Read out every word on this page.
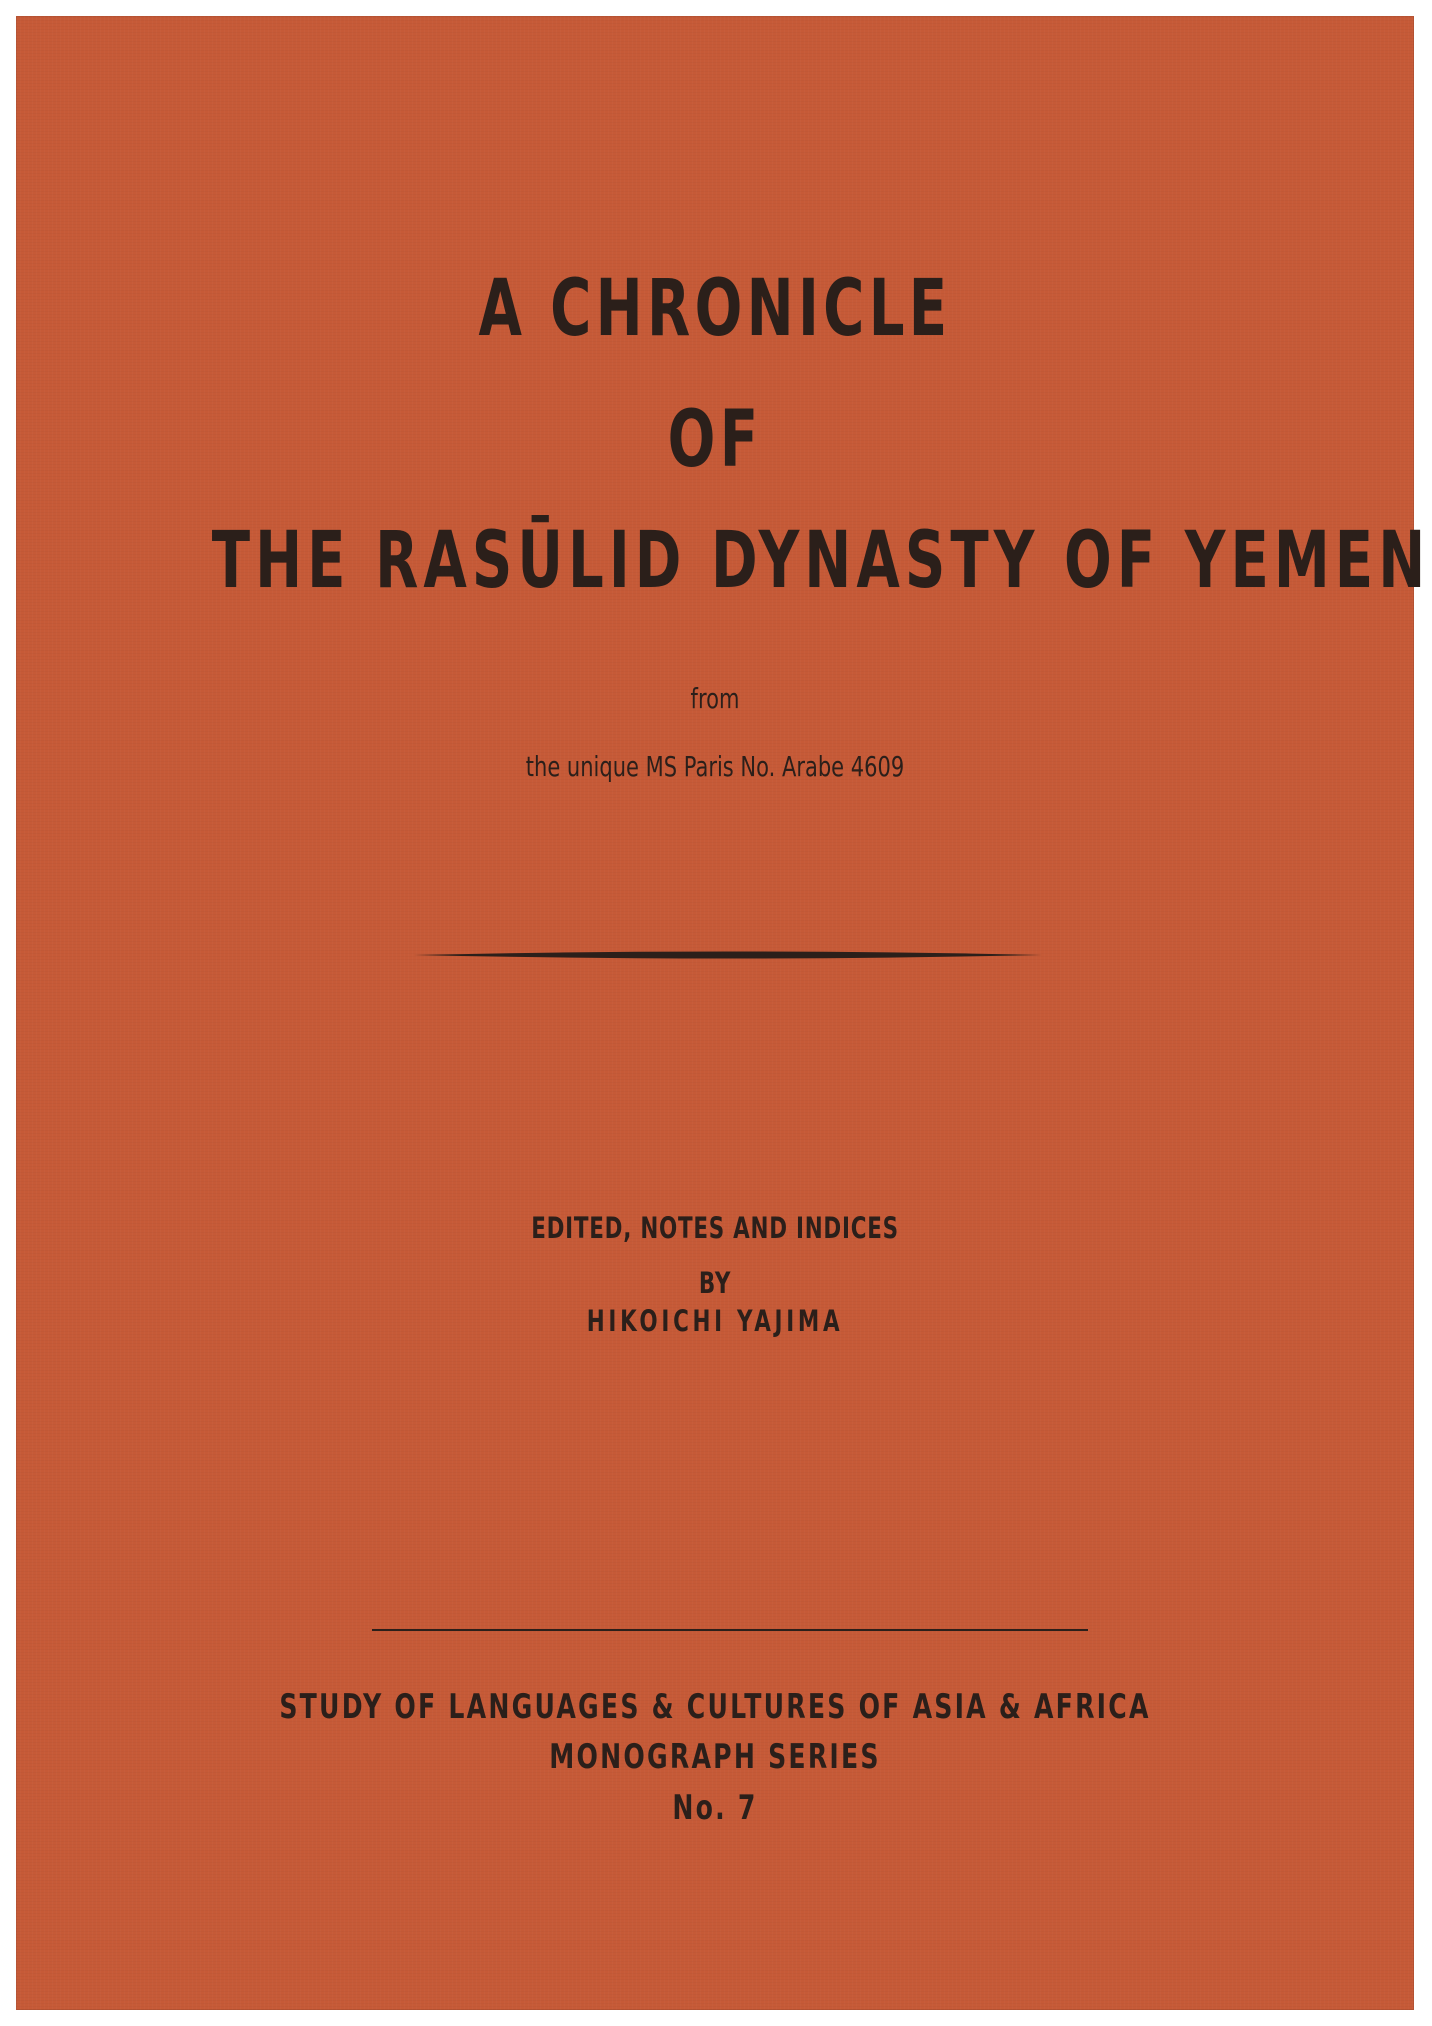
A CHRONICLE
OF
THE RASŪLID DYNASTY OF YEMEN
from
the unique MS Paris No. Arabe 4609
EDITED, NOTES AND INDICES
BY
HIKOICHI YAJIMA
STUDY OF LANGUAGES & CULTURES OF ASIA & AFRICA
MONOGRAPH SERIES
No. 7
